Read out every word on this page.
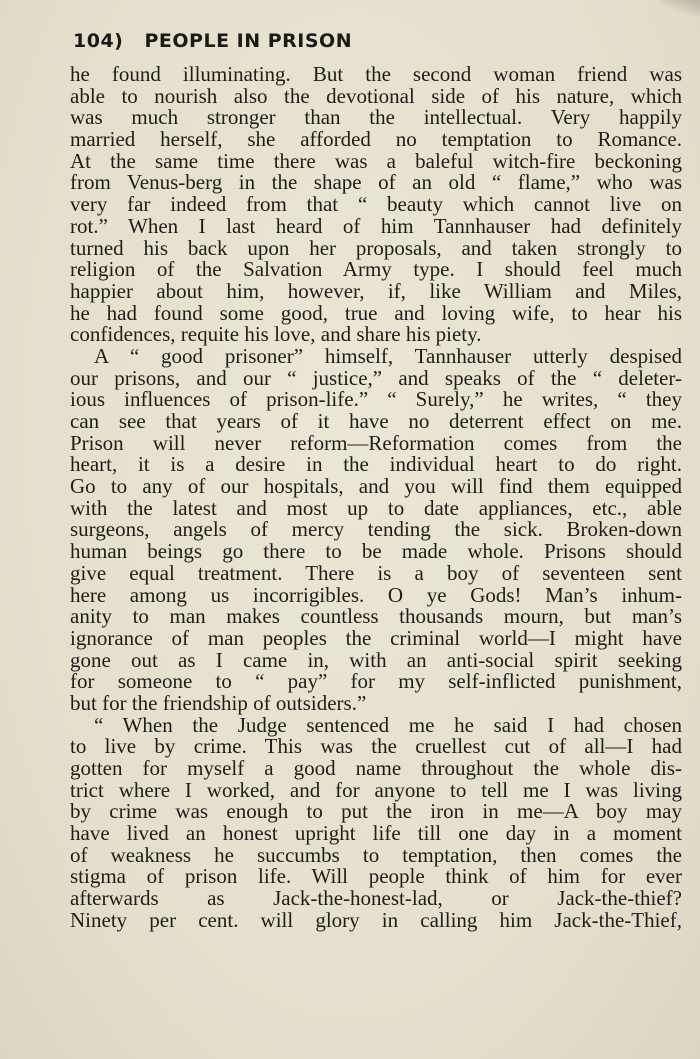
104) PEOPLE IN PRISON
he found illuminating. But the second woman friend was
able to nourish also the devotional side of his nature, which
was much stronger than the intellectual. Very happily
married herself, she afforded no temptation to Romance.
At the same time there was a baleful witch-fire beckoning
from Venus-berg in the shape of an old “ flame,” who was
very far indeed from that “ beauty which cannot live on
rot.” When I last heard of him Tannhauser had definitely
turned his back upon her proposals, and taken strongly to
religion of the Salvation Army type. I should feel much
happier about him, however, if, like William and Miles,
he had found some good, true and loving wife, to hear his
confidences, requite his love, and share his piety.
A “ good prisoner” himself, Tannhauser utterly despised
our prisons, and our “ justice,” and speaks of the “ deleter-
ious influences of prison-life.” “ Surely,” he writes, “ they
can see that years of it have no deterrent effect on me.
Prison will never reform—Reformation comes from the
heart, it is a desire in the individual heart to do right.
Go to any of our hospitals, and you will find them equipped
with the latest and most up to date appliances, etc., able
surgeons, angels of mercy tending the sick. Broken-down
human beings go there to be made whole. Prisons should
give equal treatment. There is a boy of seventeen sent
here among us incorrigibles. O ye Gods! Man’s inhum-
anity to man makes countless thousands mourn, but man’s
ignorance of man peoples the criminal world—I might have
gone out as I came in, with an anti-social spirit seeking
for someone to “ pay” for my self-inflicted punishment,
but for the friendship of outsiders.”
“ When the Judge sentenced me he said I had chosen
to live by crime. This was the cruellest cut of all—I had
gotten for myself a good name throughout the whole dis-
trict where I worked, and for anyone to tell me I was living
by crime was enough to put the iron in me—A boy may
have lived an honest upright life till one day in a moment
of weakness he succumbs to temptation, then comes the
stigma of prison life. Will people think of him for ever
afterwards as Jack-the-honest-lad, or Jack-the-thief?
Ninety per cent. will glory in calling him Jack-the-Thief,
